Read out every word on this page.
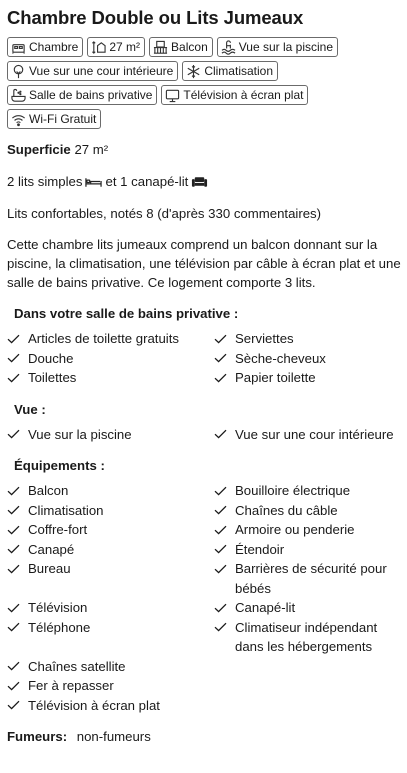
Chambre Double ou Lits Jumeaux
Chambre	27 m²	Balcon	Vue sur la piscine
Vue sur une cour intérieure	Climatisation
Salle de bains privative	Télévision à écran plat
Wi-Fi Gratuit

Superficie 27 m²

2 lits simples et 1 canapé-lit

Lits confortables, notés 8 (d'après 330 commentaires)

Cette chambre lits jumeaux comprend un balcon donnant sur la piscine, la climatisation, une télévision par câble à écran plat et une salle de bains privative. Ce logement comporte 3 lits.

Dans votre salle de bains privative :
Articles de toilette gratuits	Serviettes
Douche	Sèche-cheveux
Toilettes	Papier toilette
Vue :
Vue sur la piscine	Vue sur une cour intérieure
Équipements :
Balcon	Bouilloire électrique
Climatisation	Chaînes du câble
Coffre-fort	Armoire ou penderie
Canapé	Étendoir
Bureau	Barrières de sécurité pour bébés
Télévision	Canapé-lit
Téléphone	Climatiseur indépendant dans les hébergements
Chaînes satellite
Fer à repasser
Télévision à écran plat

Fumeurs: non-fumeurs
